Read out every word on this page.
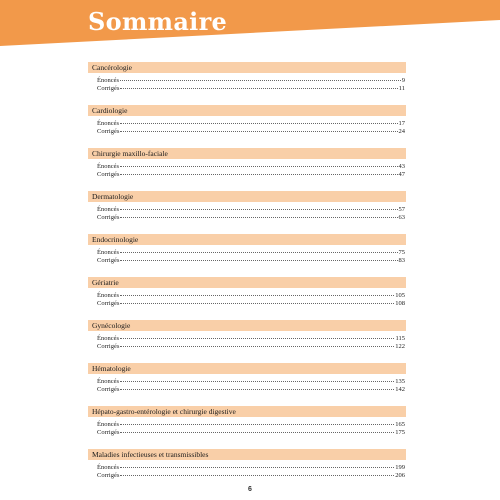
Sommaire
Cancérologie
Énoncés	9
Corrigés	11
Cardiologie
Énoncés	17
Corrigés	24
Chirurgie maxillo-faciale
Énoncés	43
Corrigés	47
Dermatologie
Énoncés	57
Corrigés	63
Endocrinologie
Énoncés	75
Corrigés	83
Gériatrie
Énoncés	105
Corrigés	108
Gynécologie
Énoncés	115
Corrigés	122
Hématologie
Énoncés	135
Corrigés	142
Hépato-gastro-entérologie et chirurgie digestive
Énoncés	165
Corrigés	175
Maladies infectieuses et transmissibles
Énoncés	199
Corrigés	206
6
